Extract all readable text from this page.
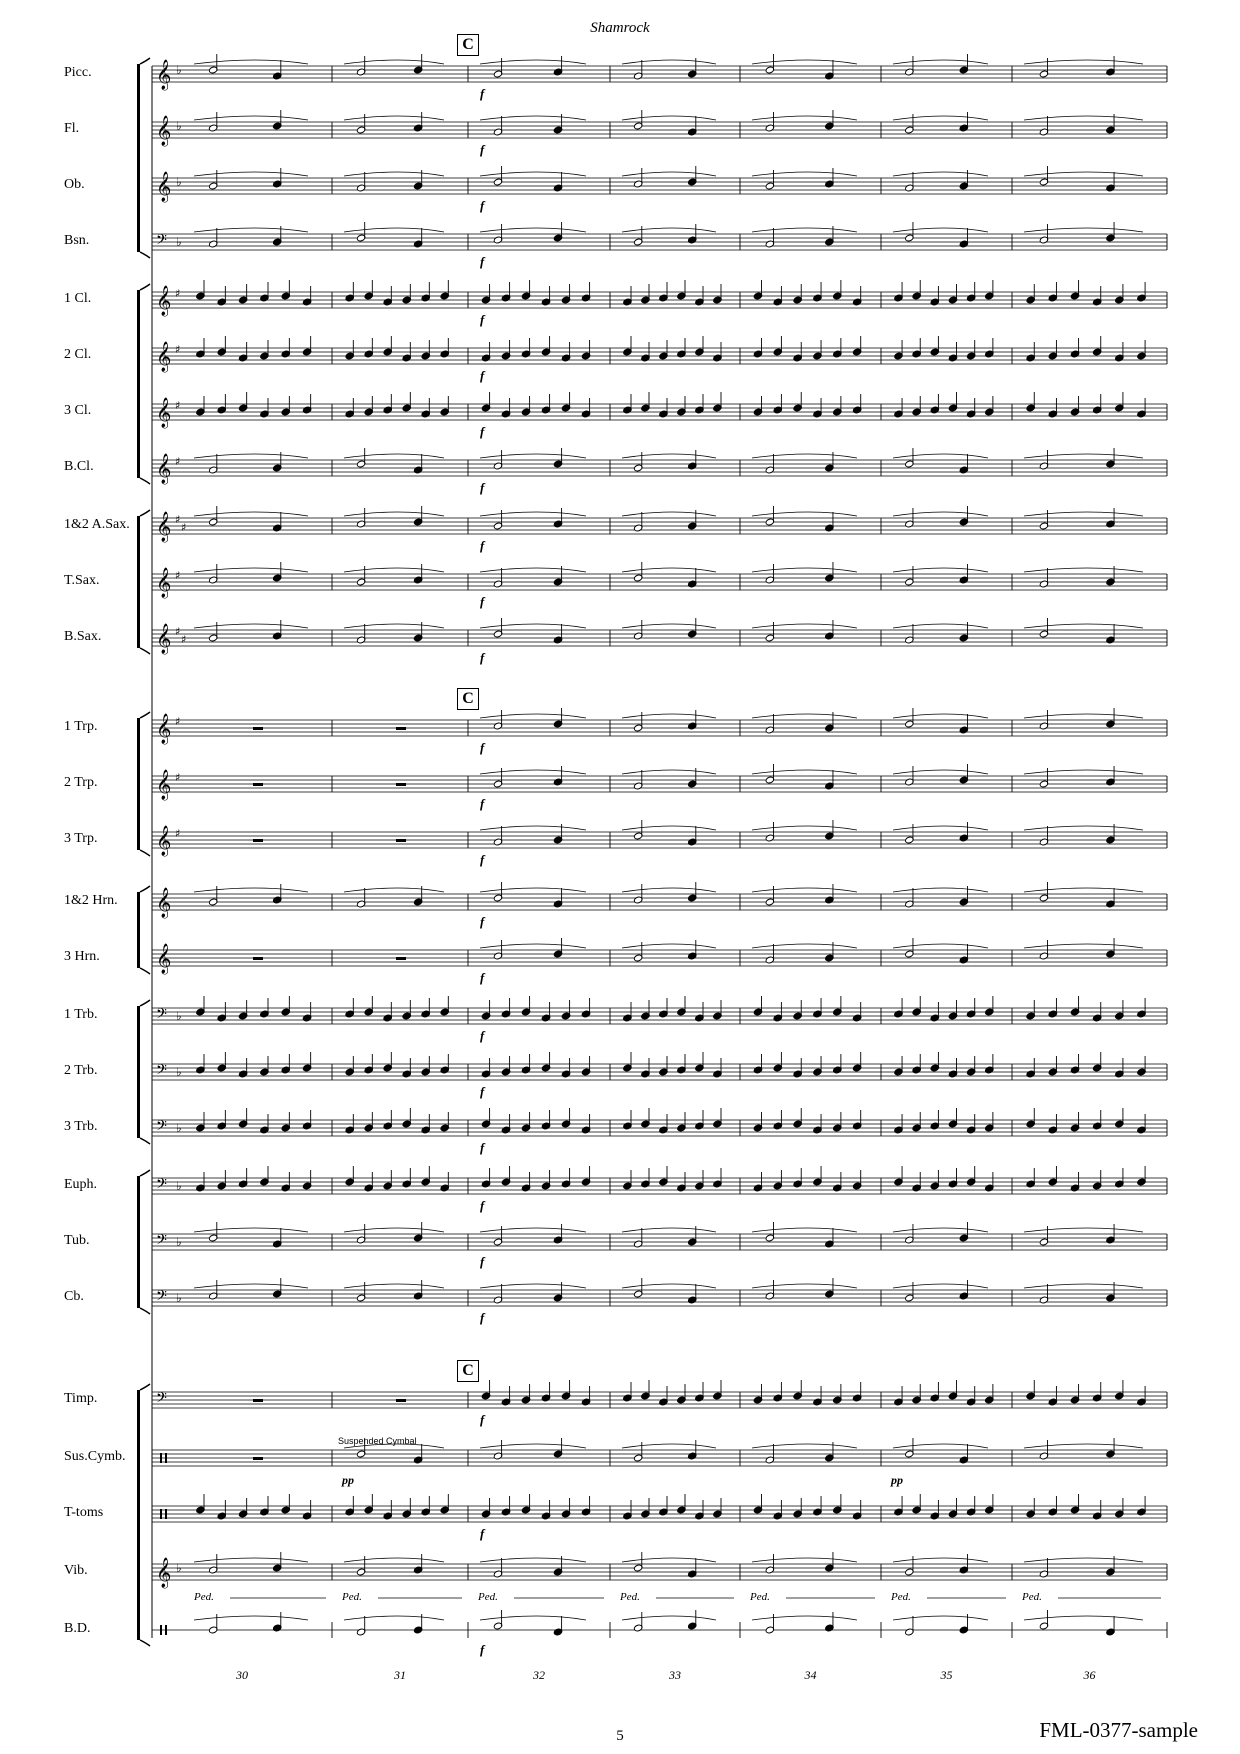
Shamrock
Picc.
Fl.
Ob.
Bsn.
1 Cl.
2 Cl.
3 Cl.
B.Cl.
1&2 A.Sax.
T.Sax.
B.Sax.
1 Trp.
2 Trp.
3 Trp.
1&2 Hrn.
3 Hrn.
1 Trb.
2 Trb.
3 Trb.
Euph.
Tub.
Cb.
Timp.
Sus.Cymb.
T-toms
Vib.
B.D.
C
C
C
30	31	32	33	34	35	36
Suspended Cymbal
𝄞 ♭
f
𝄞 ♭
f
𝄞 ♭
f
𝄢 ♭
f
𝄞 ♯
f
𝄞 ♯
f
𝄞 ♯
f
𝄞 ♯
f
𝄞 ♯
♯
f
𝄞 ♯
f
𝄞 ♯
♯
f
𝄞 ♯
f
𝄞 ♯
f
𝄞 ♯
f
𝄞
f
𝄞
f
𝄢 ♭
f
𝄢 ♭
f
𝄢 ♭
f
𝄢 ♭
f
𝄢 ♭
f
𝄢 ♭
f
𝄢
f
f
𝄞 ♭
f
pp	pp
Ped.	Ped.	Ped.	Ped.	Ped.	Ped.	Ped.
5	FML-0377-sample
